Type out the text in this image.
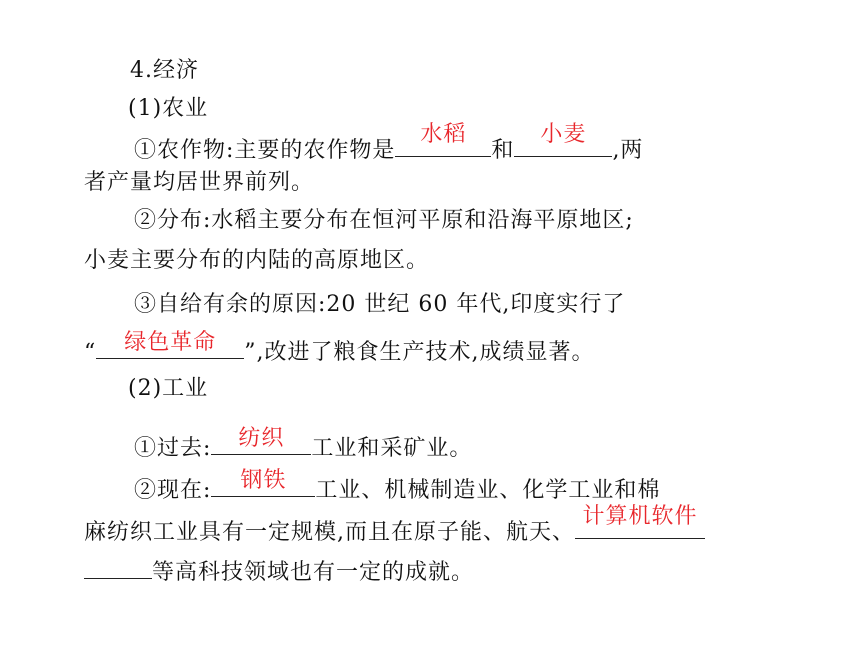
4.经济
(1)农业
①农作物:主要的农作物是
水稻
和
小麦
,两
者产量均居世界前列。
②分布:水稻主要分布在恒河平原和沿海平原地区;
小麦主要分布的内陆的高原地区。
③自给有余的原因:20 世纪 60 年代,印度实行了
“	绿色革命	”,改进了粮食生产技术,成绩显著。
(2)工业
①过去:	纺织	工业和采矿业。
②现在:	钢铁	工业、机械制造业、化学工业和棉
麻纺织工业具有一定规模,而且在原子能、航天、
计算机软件
等高科技领域也有一定的成就。
